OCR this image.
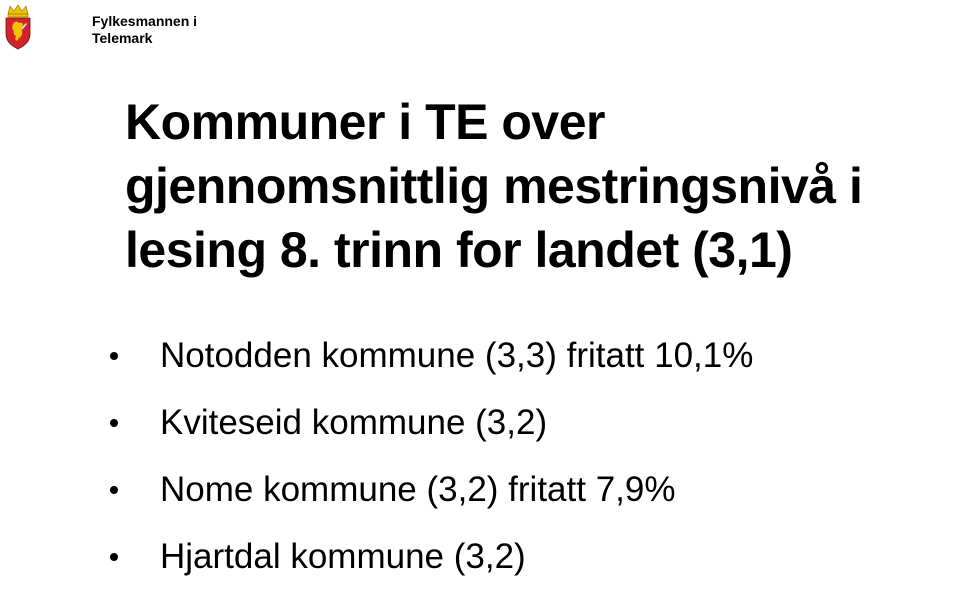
Fylkesmannen i Telemark
Kommuner i TE over gjennomsnittlig mestringsnivå i lesing 8. trinn for landet (3,1)
Notodden kommune (3,3) fritatt 10,1%
Kviteseid kommune (3,2)
Nome kommune (3,2) fritatt 7,9%
Hjartdal kommune (3,2)
